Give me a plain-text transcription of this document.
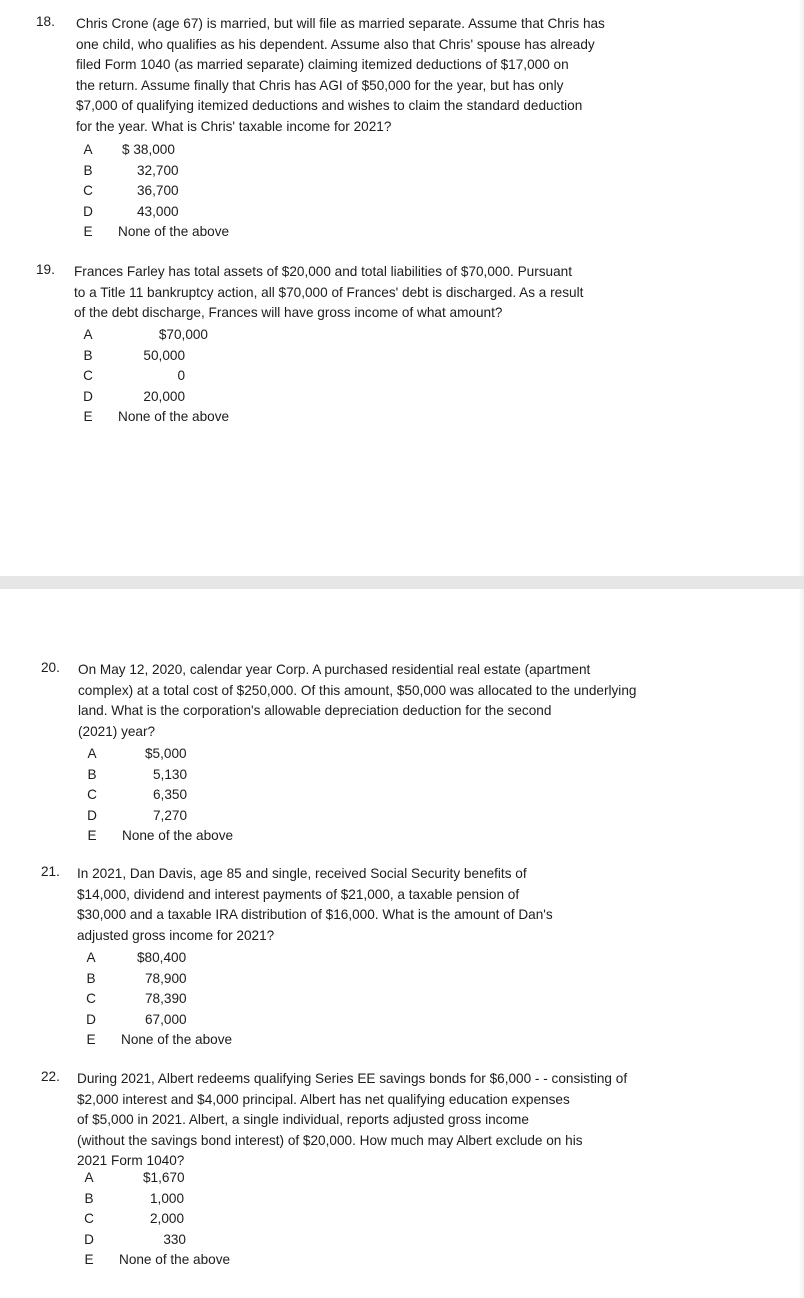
18. Chris Crone (age 67) is married, but will file as married separate. Assume that Chris has
one child, who qualifies as his dependent. Assume also that Chris' spouse has already
filed Form 1040 (as married separate) claiming itemized deductions of $17,000 on
the return. Assume finally that Chris has AGI of $50,000 for the year, but has only
$7,000 of qualifying itemized deductions and wishes to claim the standard deduction
for the year. What is Chris' taxable income for 2021?
A $ 38,000
B	32,700
C	36,700
D	43,000
E None of the above
19. Frances Farley has total assets of $20,000 and total liabilities of $70,000. Pursuant
to a Title 11 bankruptcy action, all $70,000 of Frances' debt is discharged. As a result
of the debt discharge, Frances will have gross income of what amount?
A	$70,000
B	50,000
C	0
D	20,000
E None of the above
20. On May 12, 2020, calendar year Corp. A purchased residential real estate (apartment
complex) at a total cost of $250,000. Of this amount, $50,000 was allocated to the underlying
land. What is the corporation's allowable depreciation deduction for the second
(2021) year?
A	$5,000
B	5,130
C	6,350
D	7,270
E None of the above
21. In 2021, Dan Davis, age 85 and single, received Social Security benefits of
$14,000, dividend and interest payments of $21,000, a taxable pension of
$30,000 and a taxable IRA distribution of $16,000. What is the amount of Dan's
adjusted gross income for 2021?
A	$80,400
B	78,900
C	78,390
D	67,000
E None of the above
22. During 2021, Albert redeems qualifying Series EE savings bonds for $6,000 - - consisting of
$2,000 interest and $4,000 principal. Albert has net qualifying education expenses
of $5,000 in 2021. Albert, a single individual, reports adjusted gross income
(without the savings bond interest) of $20,000. How much may Albert exclude on his
2021 Form 1040?
A	$1,670
B	1,000
C	2,000
D	330
E None of the above
